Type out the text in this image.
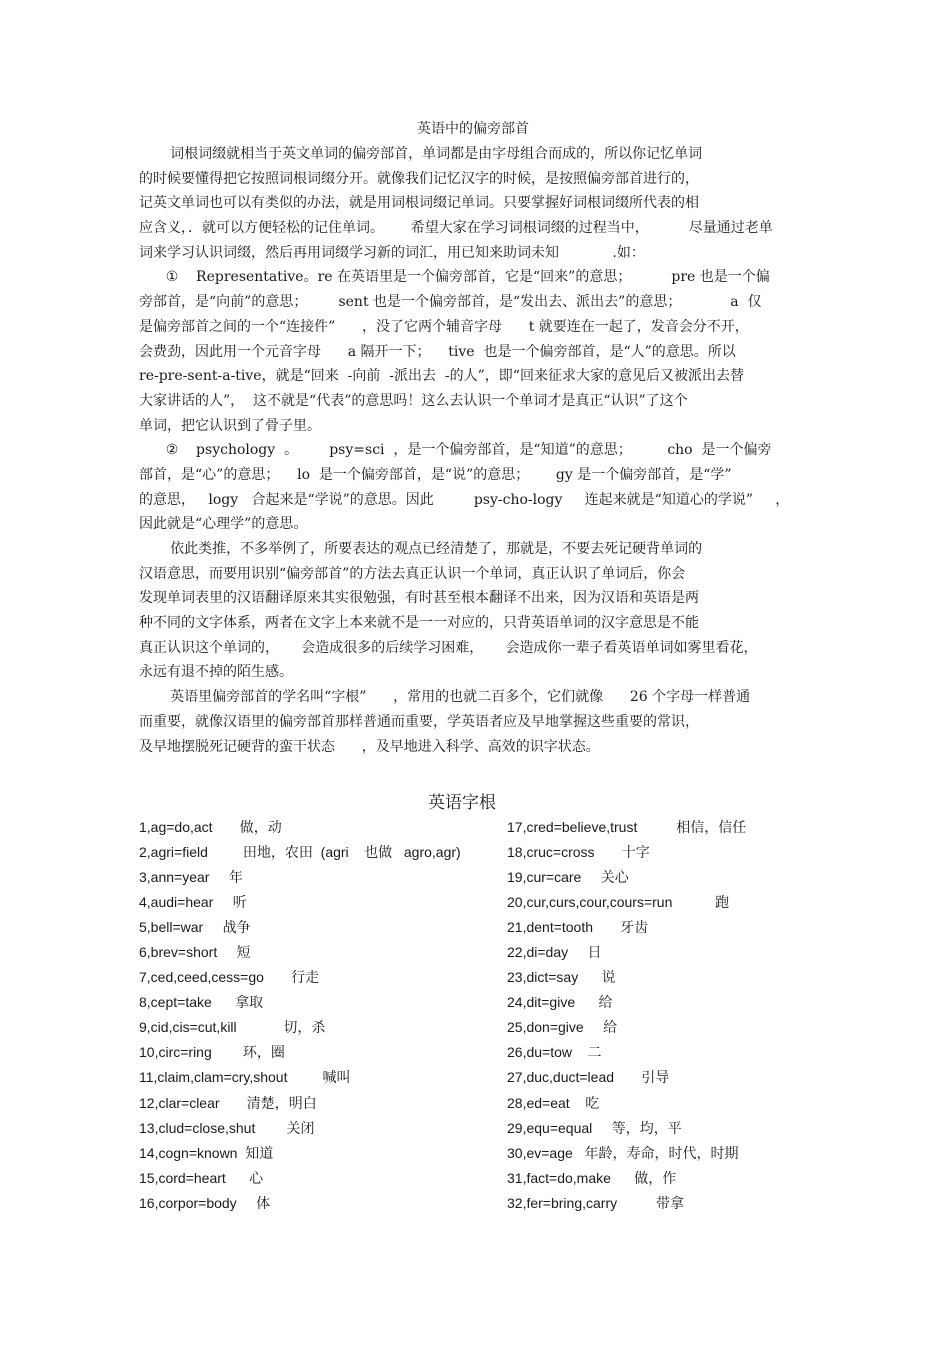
英语中的偏旁部首
词根词缀就相当于英文单词的偏旁部首，单词都是由字母组合而成的，所以你记忆单词
的时候要懂得把它按照词根词缀分开。就像我们记忆汉字的时候，是按照偏旁部首进行的，
记英文单词也可以有类似的办法，就是用词根词缀记单词。只要掌握好词根词缀所代表的相
应含义，．就可以方便轻松的记住单词。      希望大家在学习词根词缀的过程当中，         尽量通过老单
词来学习认识词缀，然后再用词缀学习新的词汇，用已知来助词未知            .如：
①    Representative。re 在英语里是一个偏旁部首，它是“回来”的意思；         pre 也是一个偏
旁部首，是“向前”的意思；       sent 也是一个偏旁部首，是“发出去、派出去”的意思；           a  仅
是偏旁部首之间的一个“连接件”      ，没了它两个辅音字母      t 就要连在一起了，发音会分不开，
会费劲，因此用一个元音字母      a 隔开一下；    tive  也是一个偏旁部首，是“人”的意思。所以
re-pre-sent-a-tive，就是“回来  -向前  -派出去  -的人”，即“回来征求大家的意见后又被派出去替
大家讲话的人”，  这不就是“代表”的意思吗！这么去认识一个单词才是真正“认识”了这个
单词，把它认识到了骨子里。
②    psychology  。       psy=sci  ，是一个偏旁部首，是“知道”的意思；        cho  是一个偏旁
部首，是“心”的意思；    lo  是一个偏旁部首，是“说”的意思；      gy 是一个偏旁部首，是“学”
的意思，   logy   合起来是“学说”的意思。因此         psy-cho-logy     连起来就是“知道心的学说”     ，
因此就是“心理学”的意思。
依此类推，不多举例了，所要表达的观点已经清楚了，那就是，不要去死记硬背单词的
汉语意思，而要用识别“偏旁部首”的方法去真正认识一个单词，真正认识了单词后，你会
发现单词表里的汉语翻译原来其实很勉强，有时甚至根本翻译不出来，因为汉语和英语是两
种不同的文字体系，两者在文字上本来就不是一一对应的，只背英语单词的汉字意思是不能
真正认识这个单词的，     会造成很多的后续学习困难，     会造成你一辈子看英语单词如雾里看花，
永远有退不掉的陌生感。
英语里偏旁部首的学名叫“字根”      ，常用的也就二百多个，它们就像      26 个字母一样普通
而重要，就像汉语里的偏旁部首那样普通而重要，学英语者应及早地掌握这些重要的常识，
及早地摆脱死记硬背的蛮干状态      ，及早地进入科学、高效的识字状态。
英语字根
1,ag=do,act       做，动
2,agri=field         田地，农田  (agri    也做   agro,agr)
3,ann=year     年
4,audi=hear     听
5,bell=war     战争
6,brev=short     短
7,ced,ceed,cess=go       行走
8,cept=take      拿取
9,cid,cis=cut,kill            切，杀
10,circ=ring        环，圈
11,claim,clam=cry,shout         喊叫
12,clar=clear       清楚，明白
13,clud=close,shut        关闭
14,cogn=known  知道
15,cord=heart      心
16,corpor=body     体
17,cred=believe,trust          相信，信任
18,cruc=cross       十字
19,cur=care     关心
20,cur,curs,cour,cours=run           跑
21,dent=tooth       牙齿
22,di=day     日
23,dict=say      说
24,dit=give      给
25,don=give     给
26,du=tow    二
27,duc,duct=lead       引导
28,ed=eat    吃
29,equ=equal     等，均，平
30,ev=age   年龄，寿命，时代，时期
31,fact=do,make      做，作
32,fer=bring,carry          带拿
